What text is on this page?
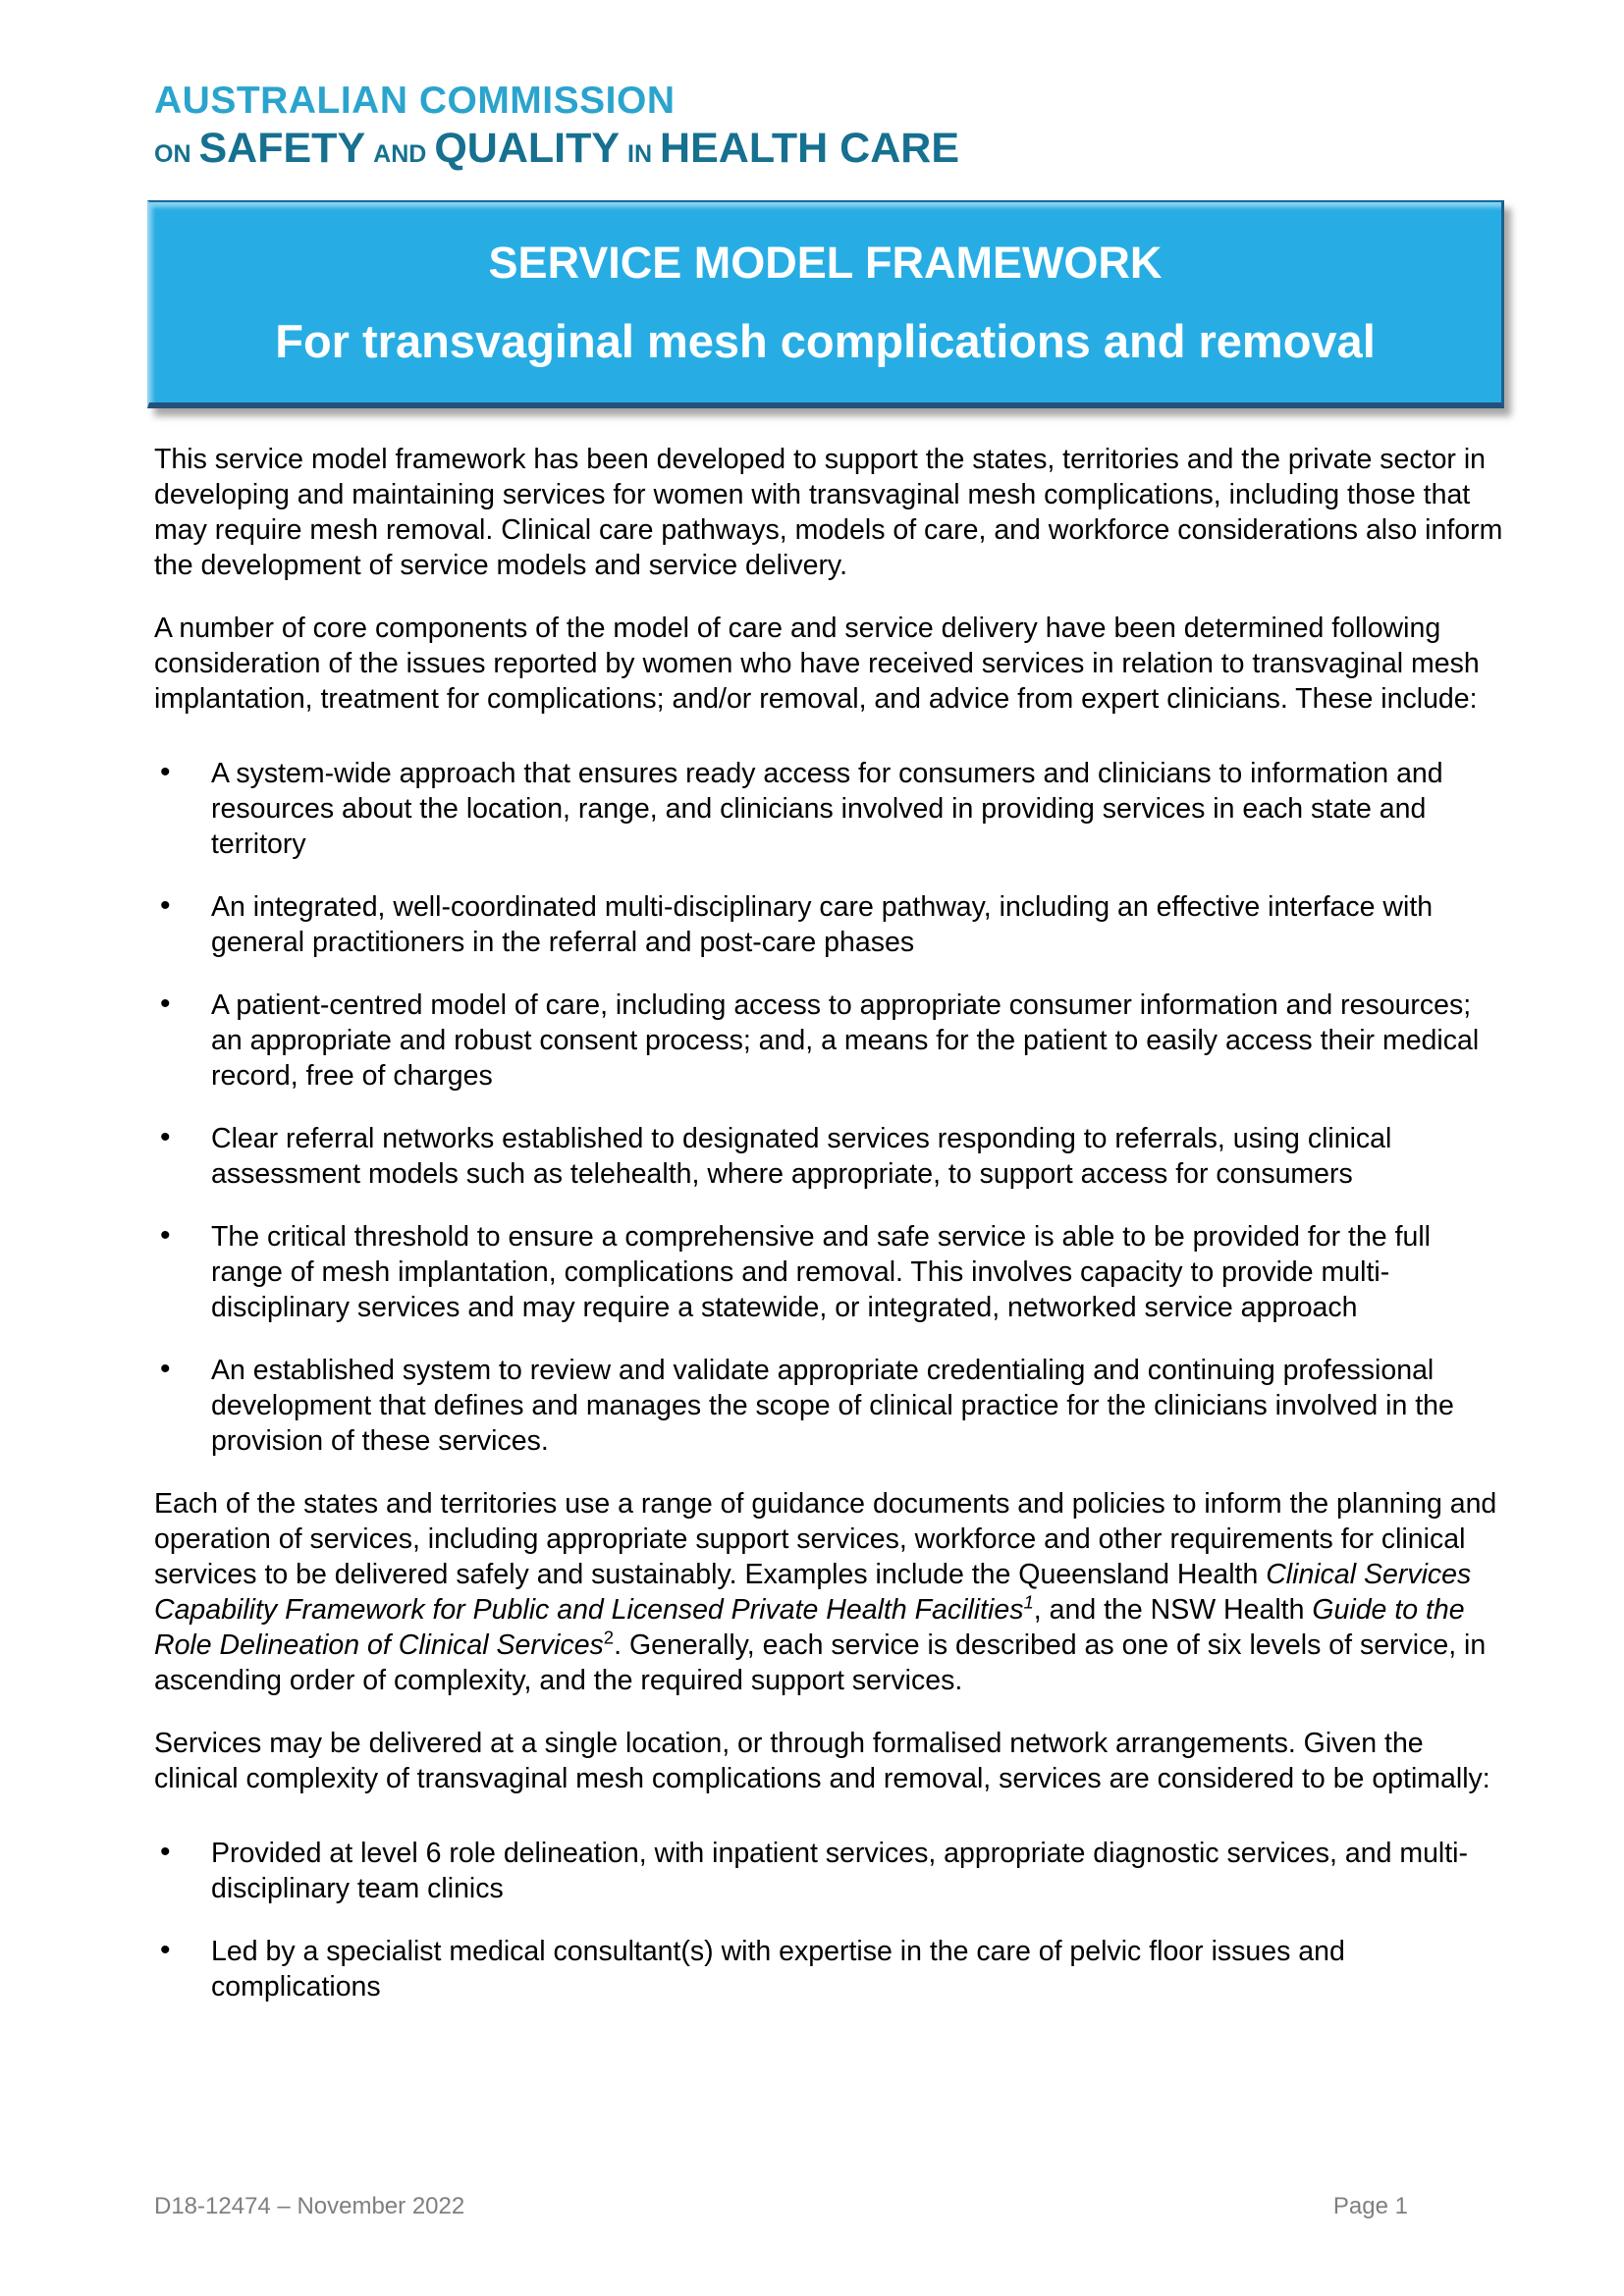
AUSTRALIAN COMMISSION
ON SAFETY AND QUALITY IN HEALTH CARE
SERVICE MODEL FRAMEWORK
For transvaginal mesh complications and removal

This service model framework has been developed to support the states, territories and the private sector in developing and maintaining services for women with transvaginal mesh complications, including those that may require mesh removal. Clinical care pathways, models of care, and workforce considerations also inform the development of service models and service delivery.

A number of core components of the model of care and service delivery have been determined following consideration of the issues reported by women who have received services in relation to transvaginal mesh implantation, treatment for complications; and/or removal, and advice from expert clinicians. These include:

• A system-wide approach that ensures ready access for consumers and clinicians to information and resources about the location, range, and clinicians involved in providing services in each state and territory
• An integrated, well-coordinated multi-disciplinary care pathway, including an effective interface with general practitioners in the referral and post-care phases
• A patient-centred model of care, including access to appropriate consumer information and resources; an appropriate and robust consent process; and, a means for the patient to easily access their medical record, free of charges
• Clear referral networks established to designated services responding to referrals, using clinical assessment models such as telehealth, where appropriate, to support access for consumers
• The critical threshold to ensure a comprehensive and safe service is able to be provided for the full range of mesh implantation, complications and removal. This involves capacity to provide multi-disciplinary services and may require a statewide, or integrated, networked service approach
• An established system to review and validate appropriate credentialing and continuing professional development that defines and manages the scope of clinical practice for the clinicians involved in the provision of these services.

Each of the states and territories use a range of guidance documents and policies to inform the planning and operation of services, including appropriate support services, workforce and other requirements for clinical services to be delivered safely and sustainably. Examples include the Queensland Health Clinical Services Capability Framework for Public and Licensed Private Health Facilities$^1$, and the NSW Health Guide to the Role Delineation of Clinical Services$^2$. Generally, each service is described as one of six levels of service, in ascending order of complexity, and the required support services.

Services may be delivered at a single location, or through formalised network arrangements. Given the clinical complexity of transvaginal mesh complications and removal, services are considered to be optimally:

• Provided at level 6 role delineation, with inpatient services, appropriate diagnostic services, and multi-disciplinary team clinics
• Led by a specialist medical consultant(s) with expertise in the care of pelvic floor issues and complications
D18-12474 – November 2022	Page 1
